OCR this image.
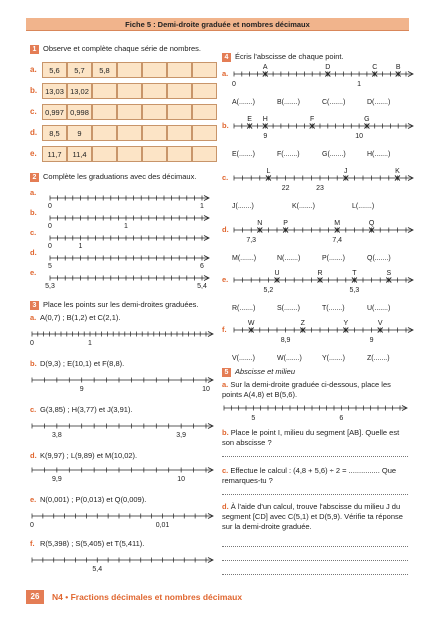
Fiche 5 : Demi-droite graduée et nombres décimaux
1 Observe et complète chaque série de nombres.
a.	5,6	5,7	5,8
b.	13,03 13,02
c.	0,997 0,998
d.	8,5	9
e.	11,7	11,4
2 Complète les graduations avec des décimaux.
a.
0	1
b.
0	1
c.
0	1
d.
5	6
e.
5,3	5,4
3 Place les points sur les demi-droites graduées.
a. A(0,7) ; B(1,2) et C(2,1).
0	1
b. D(9,3) ; E(10,1) et F(8,8).
9	10
c. G(3,85) ; H(3,77) et J(3,91).
3,8	3,9
d. K(9,97) ; L(9,89) et M(10,02).
9,9	10
e. N(0,001) ; P(0,013) et Q(0,009).
0	0,01
f. R(5,398) ; S(5,405) et T(5,411).
5,4
4 Écris l'abscisse de chaque point.
a.
A	D	C	B
0	1
A(.......)	B(.......)	C(.......)	D(.......)
b.
E H	F	G
9	10
E(.......)	F(.......)	G(.......)	H(.......)
c.
L	J	K
22	23
J(.......)	K(.......)	L(.......)
d.
N	P	M	Q
7,3	7,4
M(.......)	N(.......)	P(.......)	Q(.......)
e.
U	R	T	S
5,2	5,3
R(.......)	S(.......)	T(.......)	U(.......)
f.
W	Z	Y	V
8,9	9
V(.......)	W(.......)	Y(.......)	Z(.......)
5 Abscisse et milieu
a. Sur la demi-droite graduée ci-dessous, place les points A(4,8) et B(5,6).
5	6
b. Place le point I, milieu du segment [AB]. Quelle est son abscisse ?
c. Effectue le calcul : (4,8 + 5,6) ÷ 2 = ............... Que remarques-tu ?
d. À l'aide d'un calcul, trouve l'abscisse du milieu J du segment [CD] avec C(5,1) et D(5,9). Vérifie ta réponse sur la demi-droite graduée.
26	N4 • Fractions décimales et nombres décimaux
